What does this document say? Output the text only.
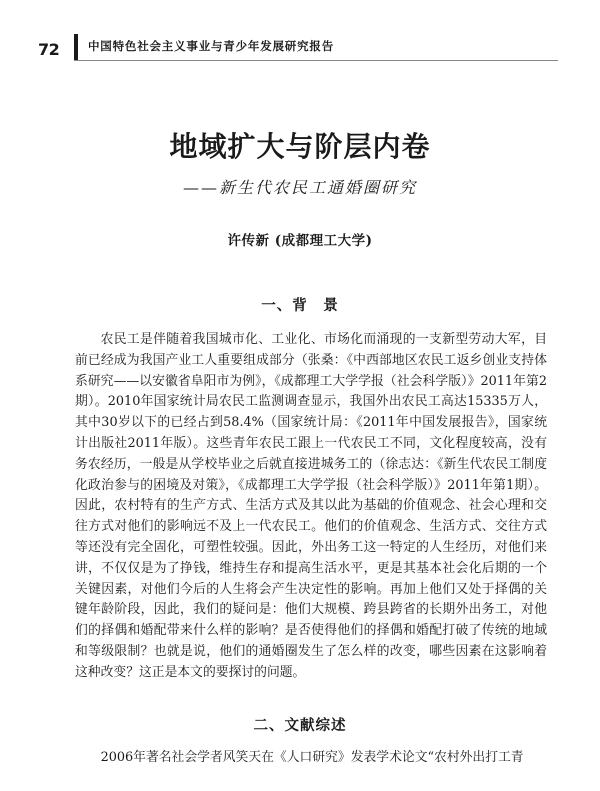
72 中国特色社会主义事业与青少年发展研究报告
地域扩大与阶层内卷
——新生代农民工通婚圈研究
许传新 (成都理工大学)
一、背　景

农民工是伴随着我国城市化、工业化、市场化而涌现的一支新型劳动大军，目前已经成为我国产业工人重要组成部分（张桑：《中西部地区农民工返乡创业支持体系研究——以安徽省阜阳市为例》，《成都理工大学学报（社会科学版）》2011年第2期）。2010年国家统计局农民工监测调查显示，我国外出农民工高达15335万人，其中30岁以下的已经占到58.4%（国家统计局：《2011年中国发展报告》，国家统计出版社2011年版）。这些青年农民工跟上一代农民工不同，文化程度较高，没有务农经历，一般是从学校毕业之后就直接进城务工的（徐志达：《新生代农民工制度化政治参与的困境及对策》，《成都理工大学学报（社会科学版）》2011年第1期）。因此，农村特有的生产方式、生活方式及其以此为基础的价值观念、社会心理和交往方式对他们的影响远不及上一代农民工。他们的价值观念、生活方式、交往方式等还没有完全固化，可塑性较强。因此，外出务工这一特定的人生经历，对他们来讲，不仅仅是为了挣钱，维持生存和提高生活水平，更是其基本社会化后期的一个关键因素，对他们今后的人生将会产生决定性的影响。再加上他们又处于择偶的关键年龄阶段，因此，我们的疑问是：他们大规模、跨县跨省的长期外出务工，对他们的择偶和婚配带来什么样的影响？是否使得他们的择偶和婚配打破了传统的地域和等级限制？也就是说，他们的通婚圈发生了怎么样的改变，哪些因素在这影响着这种改变？这正是本文的要探讨的问题。

二、文献综述

2006年著名社会学者风笑天在《人口研究》发表学术论文“农村外出打工青
